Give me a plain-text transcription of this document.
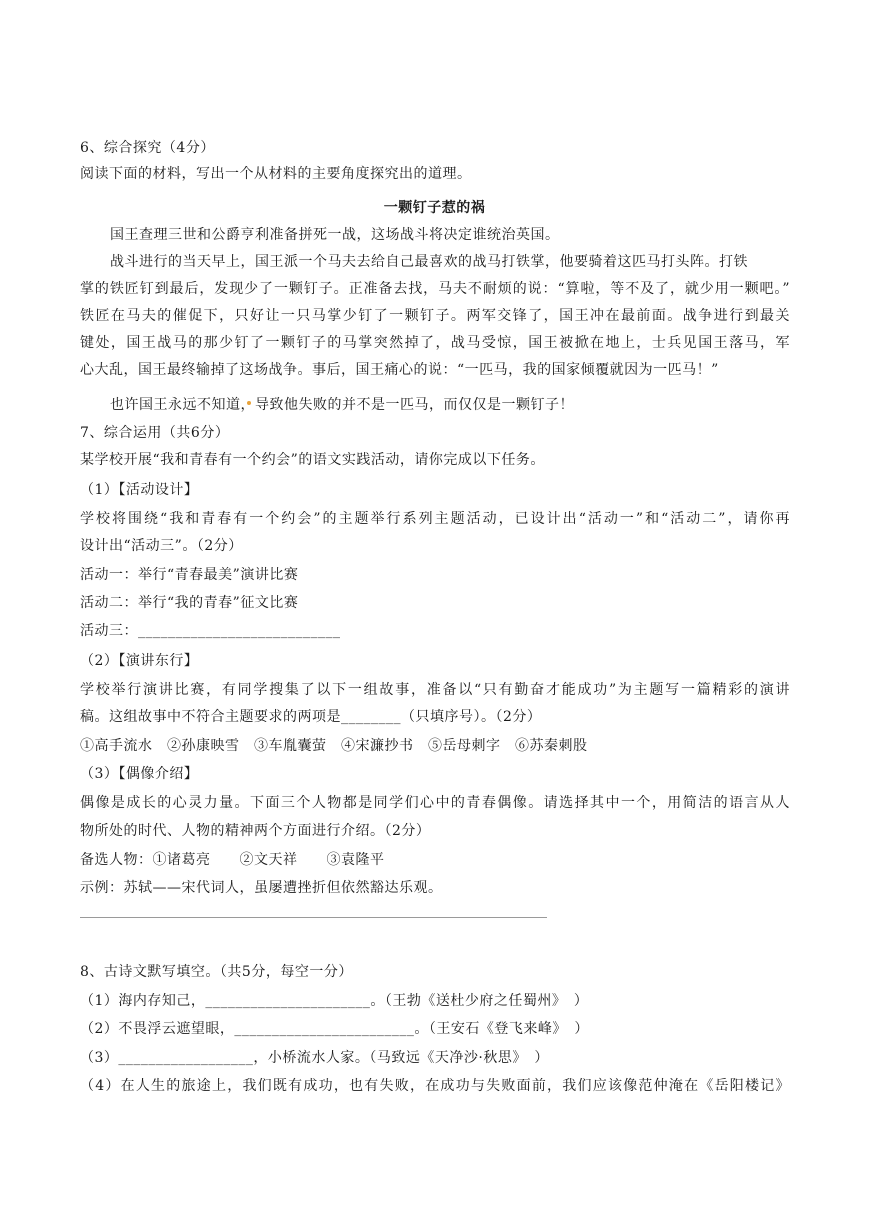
6、综合探究（4分）
阅读下面的材料，写出一个从材料的主要角度探究出的道理。
一颗钉子惹的祸
国王查理三世和公爵亨利准备拼死一战，这场战斗将决定谁统治英国。
战斗进行的当天早上，国王派一个马夫去给自己最喜欢的战马打铁掌，他要骑着这匹马打头阵。打铁
掌的铁匠钉到最后，发现少了一颗钉子。正准备去找，马夫不耐烦的说：“算啦，等不及了，就少用一颗吧。”
铁匠在马夫的催促下，只好让一只马掌少钉了一颗钉子。两军交锋了，国王冲在最前面。战争进行到最关
键处，国王战马的那少钉了一颗钉子的马掌突然掉了，战马受惊，国王被掀在地上，士兵见国王落马，军
心大乱，国王最终输掉了这场战争。事后，国王痛心的说：“一匹马，我的国家倾覆就因为一匹马！”
也许国王永远不知道，导致他失败的并不是一匹马，而仅仅是一颗钉子！
7、综合运用（共6分）
某学校开展“我和青春有一个约会”的语文实践活动，请你完成以下任务。
（1）【活动设计】
学校将围绕“我和青春有一个约会”的主题举行系列主题活动，已设计出“活动一”和“活动二”，请你再
设计出“活动三”。（2分）
活动一：举行“青春最美”演讲比赛
活动二：举行“我的青春”征文比赛
活动三：___________________________
（2）【演讲东行】
学校举行演讲比赛，有同学搜集了以下一组故事，准备以“只有勤奋才能成功”为主题写一篇精彩的演讲
稿。这组故事中不符合主题要求的两项是________（只填序号）。（2分）
①高手流水　②孙康映雪　③车胤囊萤　④宋濂抄书　⑤岳母刺字　⑥苏秦刺股
（3）【偶像介绍】
偶像是成长的心灵力量。下面三个人物都是同学们心中的青春偶像。请选择其中一个，用简洁的语言从人
物所处的时代、人物的精神两个方面进行介绍。（2分）
备选人物：①诸葛亮　　②文天祥　　③袁隆平
示例：苏轼——宋代词人，虽屡遭挫折但依然豁达乐观。
8、古诗文默写填空。（共5分，每空一分）
（1）海内存知己，______________________。（王勃《送杜少府之任蜀州》　）
（2）不畏浮云遮望眼，________________________。（王安石《登飞来峰》　）
（3）__________________，小桥流水人家。（马致远《天净沙·秋思》　）
（4）在人生的旅途上，我们既有成功，也有失败，在成功与失败面前，我们应该像范仲淹在《岳阳楼记》
